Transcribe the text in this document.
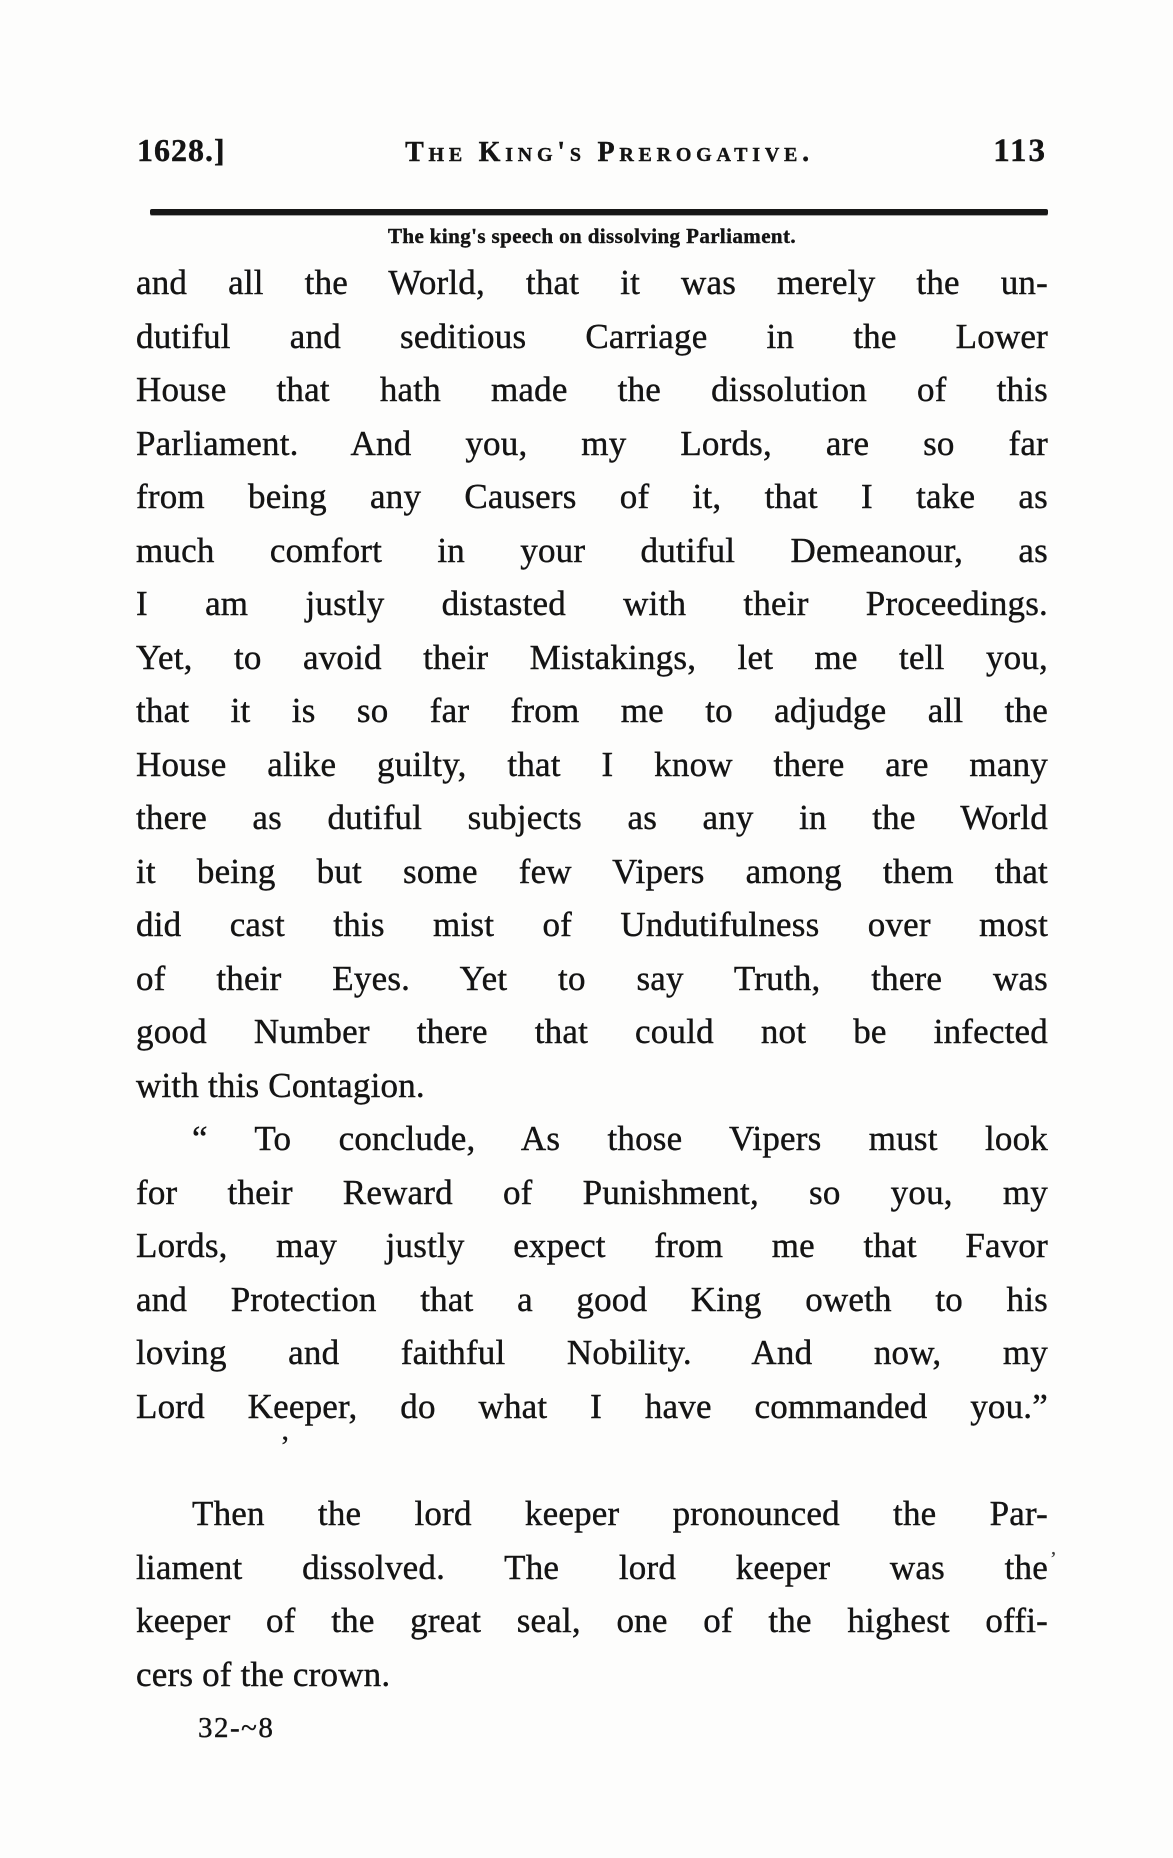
1628.]	The King's Prerogative.	113
The king's speech on dissolving Parliament.
and all the World, that it was merely the un-
dutiful and seditious Carriage in the Lower
House that hath made the dissolution of this
Parliament. And you, my Lords, are so far
from being any Causers of it, that I take as
much comfort in your dutiful Demeanour, as
I am justly distasted with their Proceedings.
Yet, to avoid their Mistakings, let me tell you,
that it is so far from me to adjudge all the
House alike guilty, that I know there are many
there as dutiful subjects as any in the World
it being but some few Vipers among them that
did cast this mist of Undutifulness over most
of their Eyes. Yet to say Truth, there was
good Number there that could not be infected
with this Contagion.
“ To conclude, As those Vipers must look
for their Reward of Punishment, so you, my
Lords, may justly expect from me that Favor
and Protection that a good King oweth to his
loving and faithful Nobility. And now, my
Lord Keeper, do what I have commanded you.”
Then the lord keeper pronounced the Par-
liament dissolved. The lord keeper was the
keeper of the great seal, one of the highest offi-
cers of the crown.
32-~8
’
’
